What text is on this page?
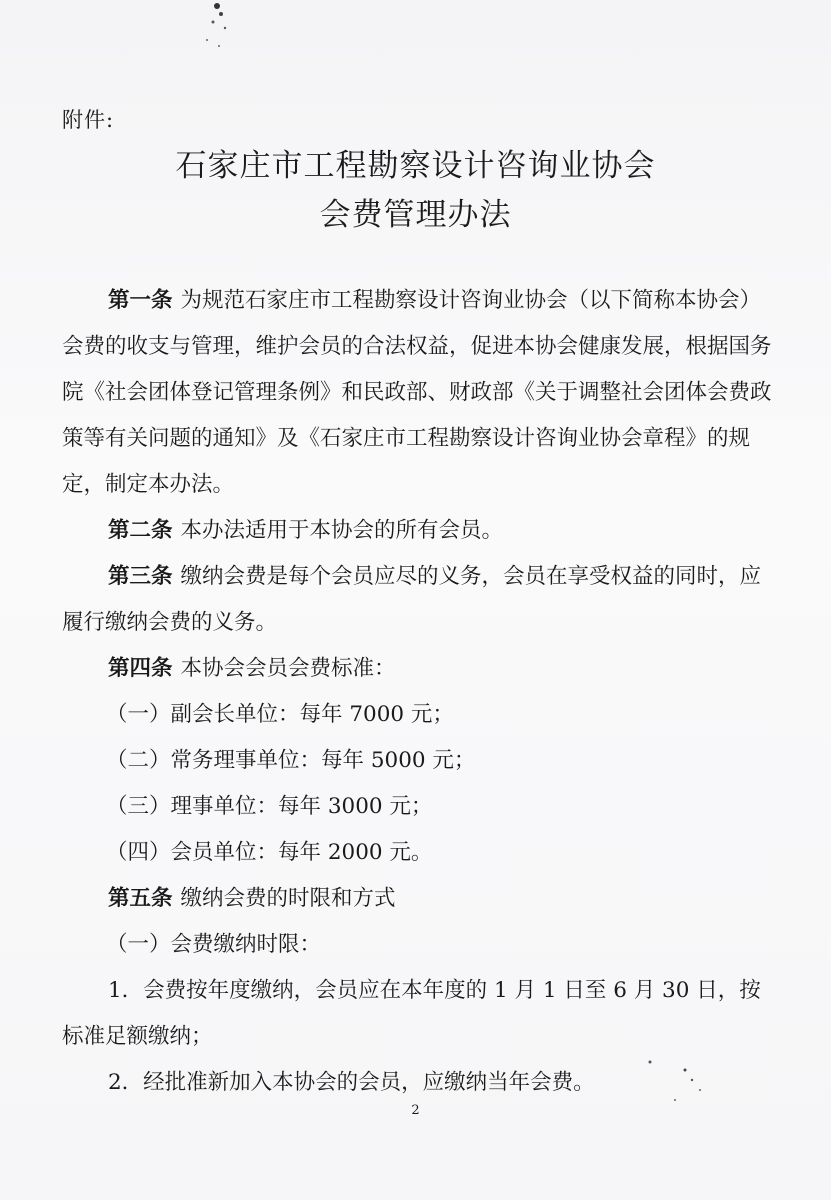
附件:
石家庄市工程勘察设计咨询业协会
会费管理办法

第一条 为规范石家庄市工程勘察设计咨询业协会（以下简称本协会）会费的收支与管理，维护会员的合法权益，促进本协会健康发展，根据国务院《社会团体登记管理条例》和民政部、财政部《关于调整社会团体会费政策等有关问题的通知》及《石家庄市工程勘察设计咨询业协会章程》的规定，制定本办法。

第二条 本办法适用于本协会的所有会员。

第三条 缴纳会费是每个会员应尽的义务，会员在享受权益的同时，应履行缴纳会费的义务。

第四条 本协会会员会费标准：

（一）副会长单位：每年 7000 元；

（二）常务理事单位：每年 5000 元；

（三）理事单位：每年 3000 元；

（四）会员单位：每年 2000 元。

第五条 缴纳会费的时限和方式

（一）会费缴纳时限：

1．会费按年度缴纳，会员应在本年度的 1 月 1 日至 6 月 30 日，按标准足额缴纳；

2．经批准新加入本协会的会员，应缴纳当年会费。

2
